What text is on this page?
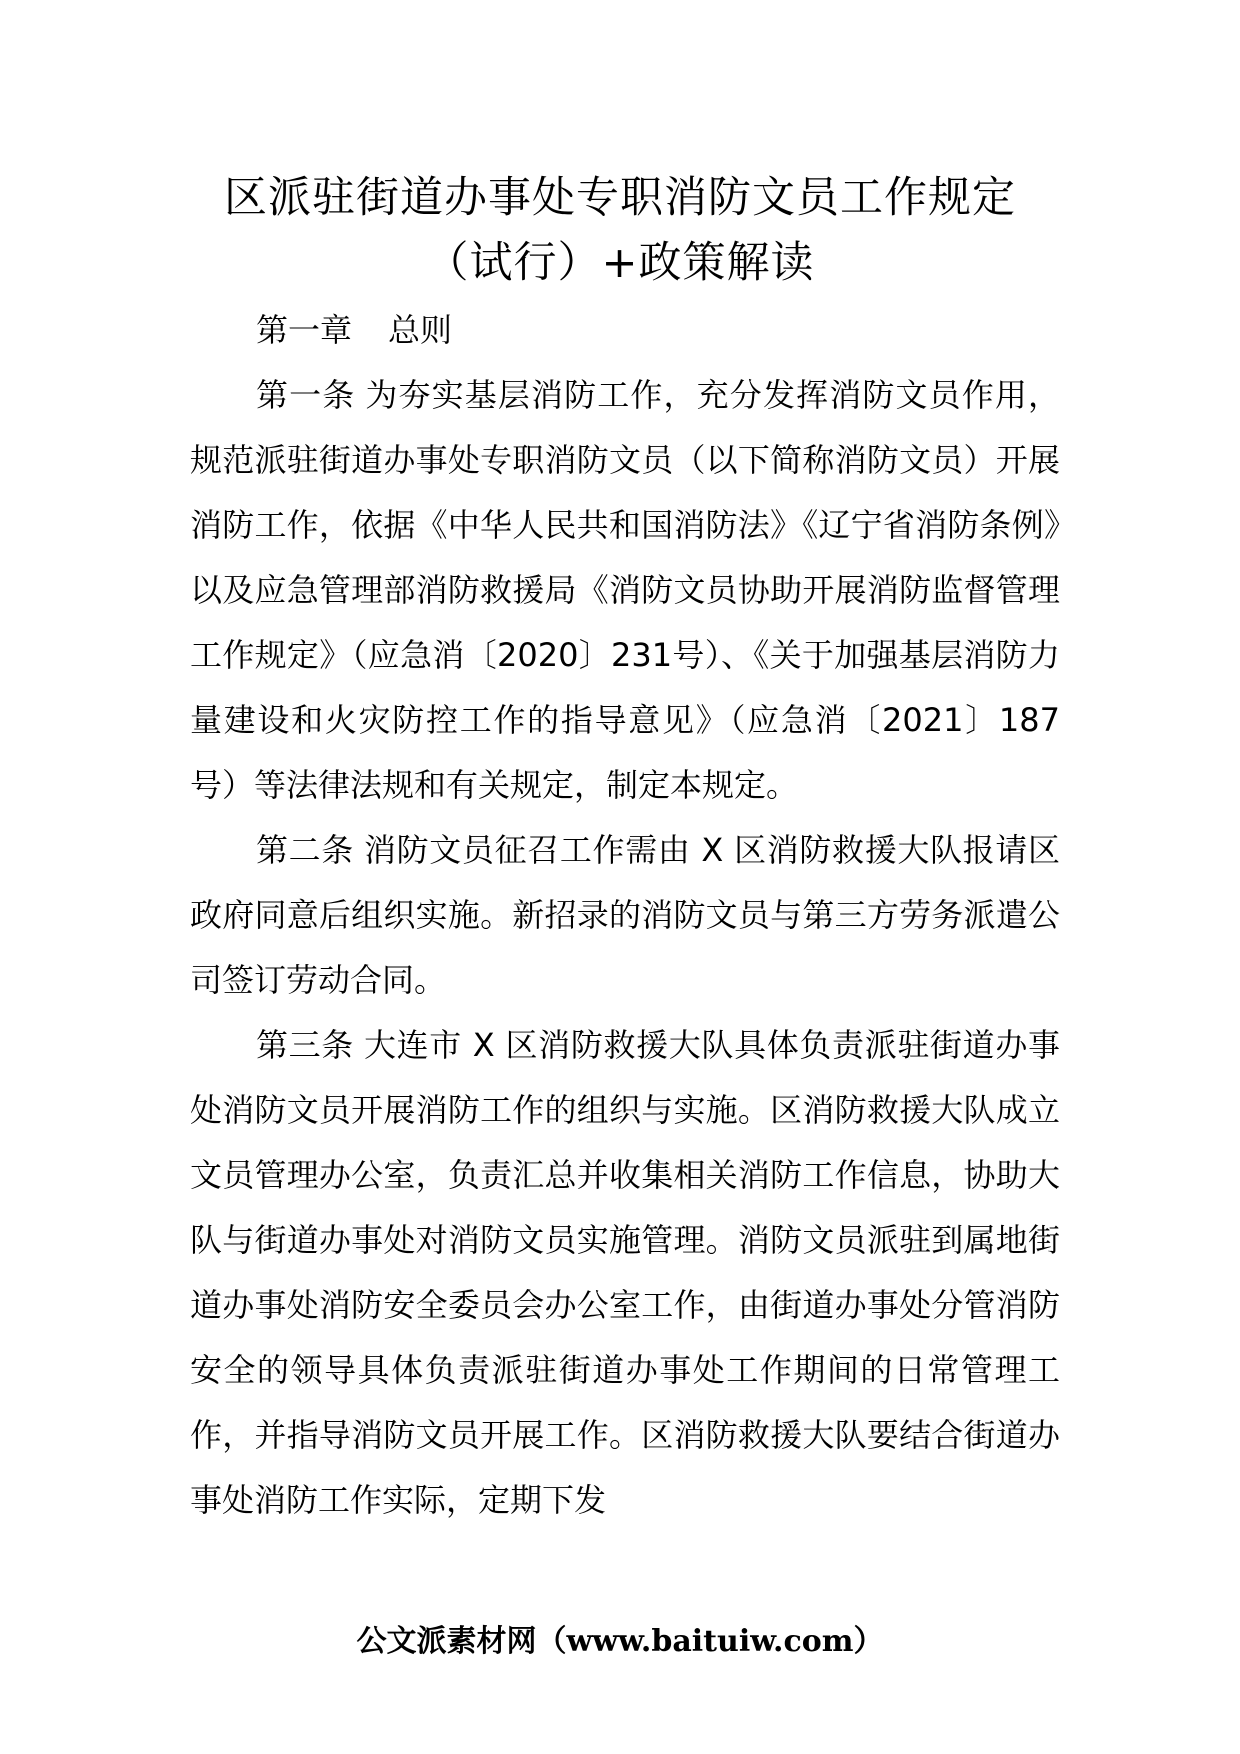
区派驻街道办事处专职消防文员工作规定
（试行）+政策解读

第一章 总则

第一条 为夯实基层消防工作，充分发挥消防文员作用，规范派驻街道办事处专职消防文员（以下简称消防文员）开展消防工作，依据《中华人民共和国消防法》《辽宁省消防条例》以及应急管理部消防救援局《消防文员协助开展消防监督管理工作规定》（应急消〔2020〕231号）、《关于加强基层消防力量建设和火灾防控工作的指导意见》（应急消〔2021〕187 号）等法律法规和有关规定，制定本规定。

第二条 消防文员征召工作需由 X 区消防救援大队报请区政府同意后组织实施。新招录的消防文员与第三方劳务派遣公司签订劳动合同。

第三条 大连市 X 区消防救援大队具体负责派驻街道办事处消防文员开展消防工作的组织与实施。区消防救援大队成立文员管理办公室，负责汇总并收集相关消防工作信息，协助大队与街道办事处对消防文员实施管理。消防文员派驻到属地街道办事处消防安全委员会办公室工作，由街道办事处分管消防安全的领导具体负责派驻街道办事处工作期间的日常管理工作，并指导消防文员开展工作。区消防救援大队要结合街道办事处消防工作实际，定期下发

公文派素材网（www.baituiw.com）
